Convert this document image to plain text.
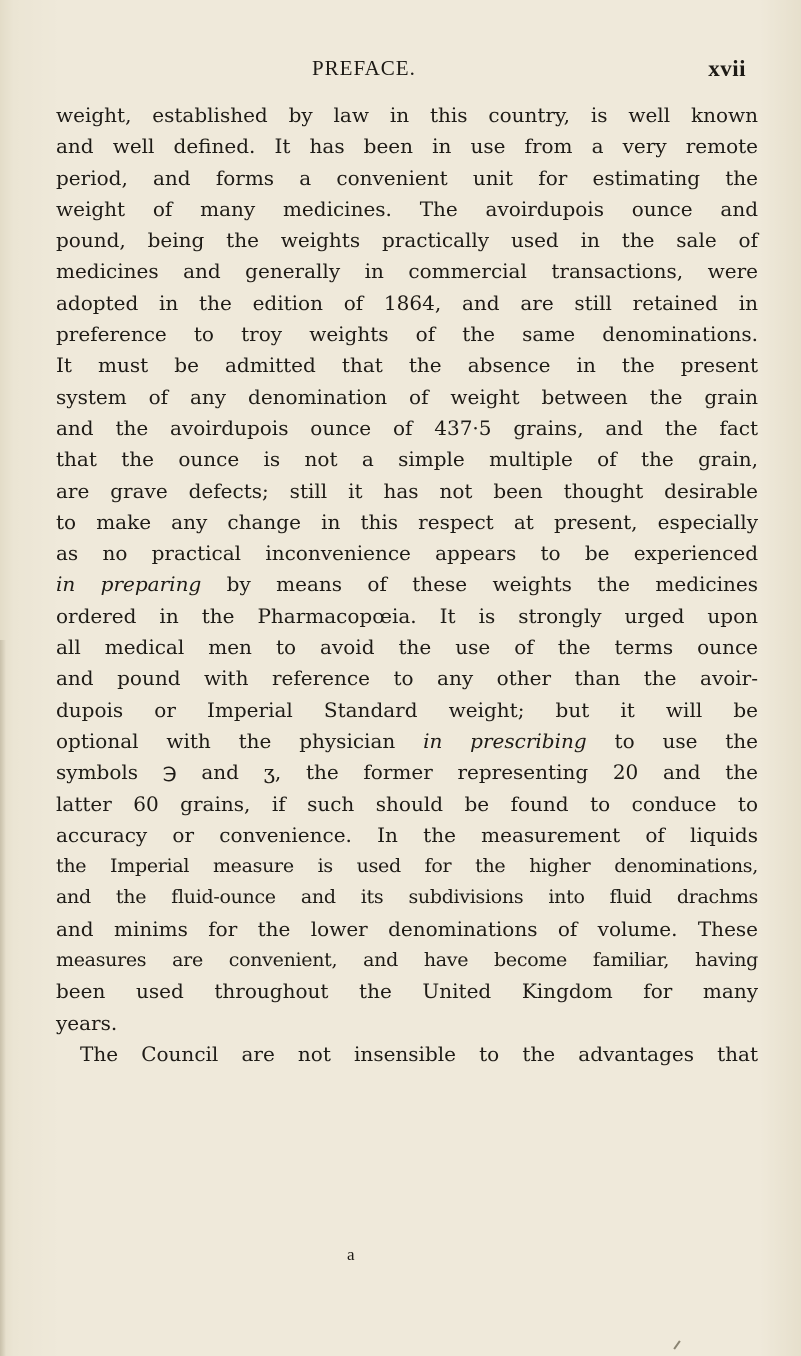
PREFACE.	xvii
weight, established by law in this country, is well known
and well defined. It has been in use from a very remote
period, and forms a convenient unit for estimating the
weight of many medicines. The avoirdupois ounce and
pound, being the weights practically used in the sale of
medicines and generally in commercial transactions, were
adopted in the edition of 1864, and are still retained in
preference to troy weights of the same denominations.
It must be admitted that the absence in the present
system of any denomination of weight between the grain
and the avoirdupois ounce of 437·5 grains, and the fact
that the ounce is not a simple multiple of the grain,
are grave defects; still it has not been thought desirable
to make any change in this respect at present, especially
as no practical inconvenience appears to be experienced
in preparing by means of these weights the medicines
ordered in the Pharmacopœia. It is strongly urged upon
all medical men to avoid the use of the terms ounce
and pound with reference to any other than the avoir-
dupois or Imperial Standard weight; but it will be
optional with the physician in prescribing to use the
symbols ℈ and ʒ, the former representing 20 and the
latter 60 grains, if such should be found to conduce to
accuracy or convenience. In the measurement of liquids
the Imperial measure is used for the higher denominations,
and the fluid-ounce and its subdivisions into fluid drachms
and minims for the lower denominations of volume. These
measures are convenient, and have become familiar, having
been used throughout the United Kingdom for many
years.
The Council are not insensible to the advantages that
a
